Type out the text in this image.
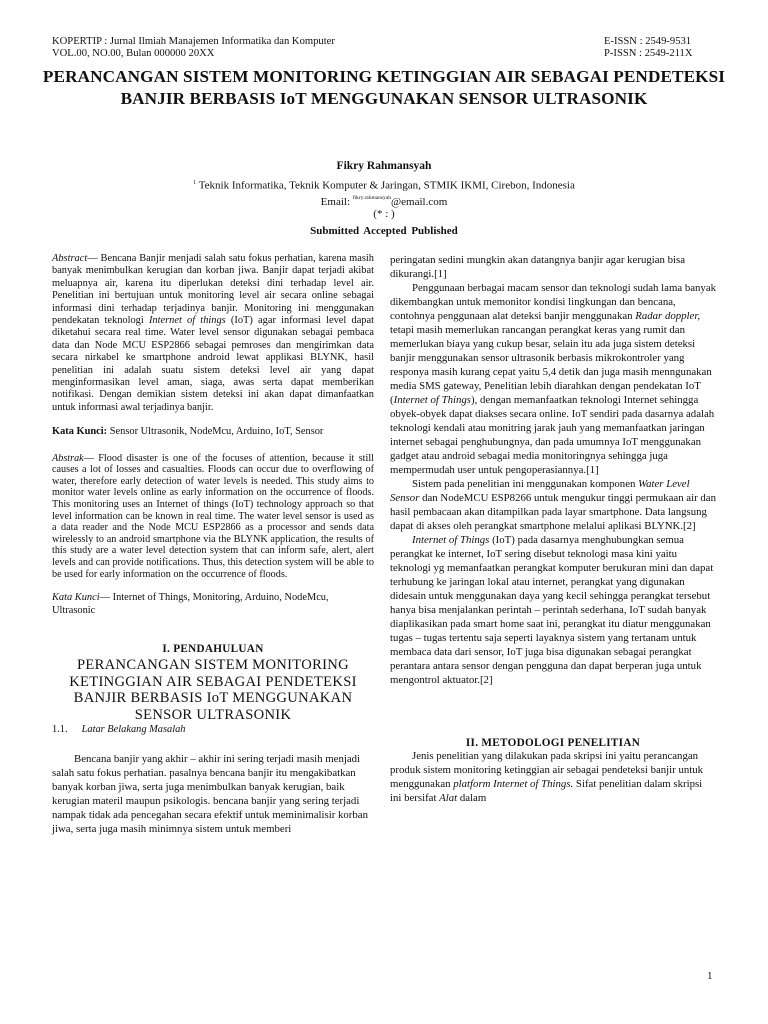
KOPERTIP : Jurnal Ilmiah Manajemen Informatika dan Komputer	E-ISSN : 2549-9531
VOL.00, NO.00, Bulan 000000 20XX	P-ISSN : 2549-211X
PERANCANGAN SISTEM MONITORING KETINGGIAN AIR SEBAGAI PENDETEKSI BANJIR BERBASIS IoT MENGGUNAKAN SENSOR ULTRASONIK
Fikry Rahmansyah
$^1$ Teknik Informatika, Teknik Komputer & Jaringan, STMIK IKMI, Cirebon, Indonesia
Email: $^{fikry.rahmansyah}$@email.com
(* : )
Submitted Accepted Published

Abstract— Bencana Banjir menjadi salah satu fokus perhatian, karena masih banyak menimbulkan kerugian dan korban jiwa. Banjir dapat terjadi akibat meluapnya air, karena itu diperlukan deteksi dini terhadap level air. Penelitian ini bertujuan untuk monitoring level air secara online sebagai informasi dini terhadap terjadinya banjir. Monitoring ini menggunakan pendekatan teknologi Internet of things (IoT) agar informasi level dapat diketahui secara real time. Water level sensor digunakan sebagai pembaca data dan Node MCU ESP2866 sebagai pemroses dan mengirimkan data secara nirkabel ke smartphone android lewat applikasi BLYNK, hasil penelitian ini adalah suatu sistem deteksi level air yang dapat menginformasikan level aman, siaga, awas serta dapat memberikan notifikasi. Dengan demikian sistem deteksi ini akan dapat dimanfaatkan untuk informasi awal terjadinya banjir.

Kata Kunci: Sensor Ultrasonik, NodeMcu, Arduino, IoT, Sensor

Abstrak— Flood disaster is one of the focuses of attention, because it still causes a lot of losses and casualties. Floods can occur due to overflowing of water, therefore early detection of water levels is needed. This study aims to monitor water levels online as early information on the occurrence of floods. This monitoring uses an Internet of things (IoT) technology approach so that level information can be known in real time. The water level sensor is used as a data reader and the Node MCU ESP2866 as a processor and sends data wirelessly to an android smartphone via the BLYNK application, the results of this study are a water level detection system that can inform safe, alert, alert levels and can provide notifications. Thus, this detection system will be able to be used for early information on the occurrence of floods.

Kata Kunci— Internet of Things, Monitoring, Arduino, NodeMcu, Ultrasonic

I. PENDAHULUAN
PERANCANGAN SISTEM MONITORING KETINGGIAN AIR SEBAGAI PENDETEKSI BANJIR BERBASIS IoT MENGGUNAKAN SENSOR ULTRASONIK
1.1. Latar Belakang Masalah

Bencana banjir yang akhir – akhir ini sering terjadi masih menjadi salah satu fokus perhatian. pasalnya bencana banjir itu mengakibatkan banyak korban jiwa, serta juga menimbulkan banyak kerugian, baik kerugian materil maupun psikologis. bencana banjir yang sering terjadi nampak tidak ada pencegahan secara efektif untuk meminimalisir korban jiwa, serta juga masih minimnya sistem untuk memberi

peringatan sedini mungkin akan datangnya banjir agar kerugian bisa dikurangi.[1]

Penggunaan berbagai macam sensor dan teknologi sudah lama banyak dikembangkan untuk memonitor kondisi lingkungan dan bencana, contohnya penggunaan alat deteksi banjir menggunakan Radar doppler, tetapi masih memerlukan rancangan perangkat keras yang rumit dan memerlukan biaya yang cukup besar, selain itu ada juga sistem deteksi banjir menggunakan sensor ultrasonik berbasis mikrokontroler yang responya masih kurang cepat yaitu 5,4 detik dan juga masih menngunakan media SMS gateway, Penelitian lebih diarahkan dengan pendekatan IoT (Internet of Things), dengan memanfaatkan teknologi Internet sehingga obyek-obyek dapat diakses secara online. IoT sendiri pada dasarnya adalah teknologi kendali atau monitring jarak jauh yang memanfaatkan jaringan internet sebagai penghubungnya, dan pada umumnya IoT menggunakan gadget atau android sebagai media monitoringnya sehingga juga mempermudah user untuk pengoperasiannya.[1]

Sistem pada penelitian ini menggunakan komponen Water Level Sensor dan NodeMCU ESP8266 untuk mengukur tinggi permukaan air dan hasil pembacaan akan ditampilkan pada layar smartphone. Data langsung dapat di akses oleh perangkat smartphone melalui aplikasi BLYNK.[2]

Internet of Things (IoT) pada dasarnya menghubungkan semua perangkat ke internet, IoT sering disebut teknologi masa kini yaitu teknologi yg memanfaatkan perangkat komputer berukuran mini dan dapat terhubung ke jaringan lokal atau internet, perangkat yang digunakan didesain untuk menggunakan daya yang kecil sehingga perangkat tersebut hanya bisa menjalankan perintah – perintah sederhana, IoT sudah banyak diaplikasikan pada smart home saat ini, perangkat itu diatur menggunakan tugas – tugas tertentu saja seperti layaknya sistem yang tertanam untuk membaca data dari sensor, IoT juga bisa digunakan sebagai perangkat perantara antara sensor dengan pengguna dan dapat berperan juga untuk mengontrol aktuator.[2]

II. METODOLOGI PENELITIAN

Jenis penelitian yang dilakukan pada skripsi ini yaitu perancangan produk sistem monitoring ketinggian air sebagai pendeteksi banjir untuk menggunakan platform Internet of Things. Sifat penelitian dalam skripsi ini bersifat Alat dalam

1
